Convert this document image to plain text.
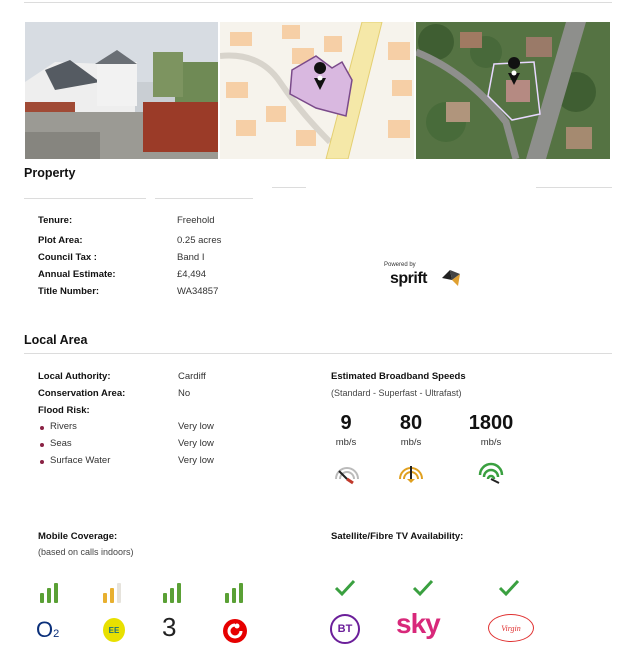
Property
Tenure:	Freehold
Plot Area:	0.25 acres
Council Tax :	Band I
Annual Estimate:	£4,494
Title Number:	WA34857
Powered by
sprift
Local Area
Local Authority:	Cardiff
Conservation Area:	No
Flood Risk:
Rivers	Very low
Seas	Very low
Surface Water	Very low
Estimated Broadband Speeds
(Standard - Superfast - Ultrafast)
9
mb/s
80
mb/s
1800
mb/s
Mobile Coverage:
(based on calls indoors)
O2	EE 3
Satellite/Fibre TV Availability:
BT sky	Virgin
